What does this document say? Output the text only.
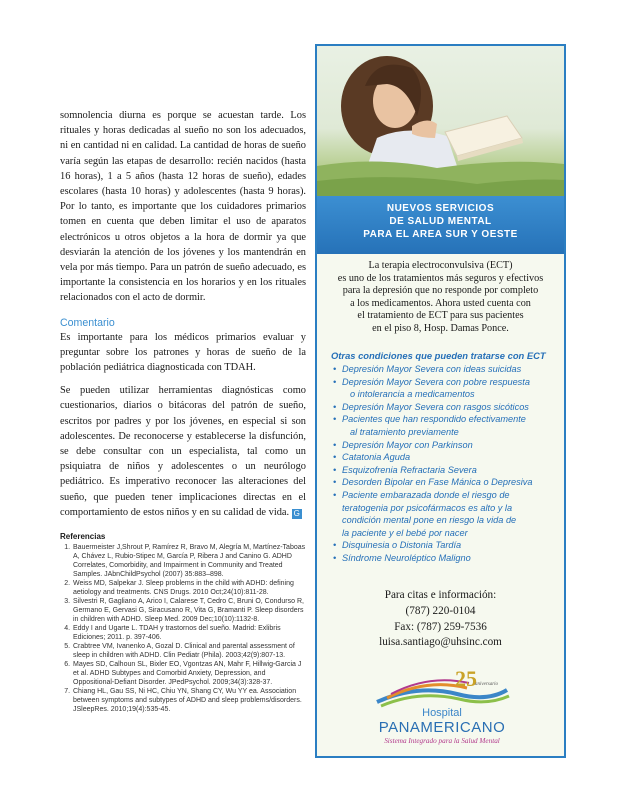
somnolencia diurna es porque se acuestan tarde. Los rituales y horas dedicadas al sueño no son los adecuados, ni en cantidad ni en calidad. La cantidad de horas de sueño varía según las etapas de desarrollo: recién nacidos (hasta 16 horas), 1 a 5 años (hasta 12 horas de sueño), edades escolares (hasta 10 horas) y adolescentes (hasta 9 horas). Por lo tanto, es importante que los cuidadores primarios tomen en cuenta que deben limitar el uso de aparatos electrónicos u otros objetos a la hora de dormir ya que desviarán la atención de los jóvenes y los mantendrán en vela por más tiempo. Para un patrón de sueño adecuado, es importante la consistencia en los horarios y en los rituales relacionados con el acto de dormir.

Comentario

Es importante para los médicos primarios evaluar y preguntar sobre los patrones y horas de sueño de la población pediátrica diagnosticada con TDAH.

Se pueden utilizar herramientas diagnósticas como cuestionarios, diarios o bitácoras del patrón de sueño, escritos por padres y por los jóvenes, en especial si son adolescentes. De reconocerse y establecerse la disfunción, se debe consultar con un especialista, tal como un psiquiatra de niños y adolescentes o un neurólogo pediátrico. Es imperativo reconocer las alteraciones del sueño, que pueden tener implicaciones directas en el comportamiento de estos niños y en su calidad de vida. G

Referencias
1. Bauermeister J,Shrout P, Ramírez R, Bravo M, Alegría M, Martínez-Taboas A, Chávez L, Rubio-Stipec M, García P, Ribera J and Canino G. ADHD Correlates, Comorbidity, and Impairment in Community and Treated Samples. JAbnChildPsychol (2007) 35:883–898.
2. Weiss MD, Salpekar J. Sleep problems in the child with ADHD: defining aetiology and treatments. CNS Drugs. 2010 Oct;24(10):811-28.
3. Silvestri R, Gagliano A, Arico I, Calarese T, Cedro C, Bruni O, Condurso R, Germano E, Gervasi G, Siracusano R, Vita G, Bramanti P. Sleep disorders in children with ADHD. Sleep Med. 2009 Dec;10(10):1132-8.
4. Eddy I and Ugarte L. TDAH y trastornos del sueño. Madrid: Exlibris Ediciones; 2011. p. 397-406.
5. Crabtree VM, Ivanenko A, Gozal D. Clinical and parental assessment of sleep in children with ADHD. Clin Pediatr (Phila). 2003;42(9):807-13.
6. Mayes SD, Calhoun SL, Bixler EO, Vgontzas AN, Mahr F, Hillwig-Garcia J et al. ADHD Subtypes and Comorbid Anxiety, Depression, and Oppositional-Defiant Disorder. JPedPsychol. 2009;34(3):328-37.
7. Chiang HL, Gau SS, Ni HC, Chiu YN, Shang CY, Wu YY ea. Association between symptoms and subtypes of ADHD and sleep problems/disorders. JSleepRes. 2010;19(4):535-45.
NUEVOS SERVICIOS
DE SALUD MENTAL
PARA EL AREA SUR Y OESTE
La terapia electroconvulsiva (ECT)
es uno de los tratamientos más seguros y efectivos
para la depresión que no responde por completo
a los medicamentos. Ahora usted cuenta con
el tratamiento de ECT para sus pacientes
en el piso 8, Hosp. Damas Ponce.
Otras condiciones que pueden tratarse con ECT
• Depresión Mayor Severa con ideas suicidas
• Depresión Mayor Severa con pobre respuesta
o intolerancia a medicamentos
• Depresión Mayor Severa con rasgos sicóticos
• Pacientes que han respondido efectivamente
al tratamiento previamente
• Depresión Mayor con Parkinson
• Catatonia Aguda
• Esquizofrenia Refractaria Severa
• Desorden Bipolar en Fase Mánica o Depresiva
• Paciente embarazada donde el riesgo de
teratogenia por psicofármacos es alto y la
condición mental pone en riesgo la vida de
la paciente y el bebé por nacer
• Disquinesia o Distonia Tardía
• Síndrome Neuroléptico Maligno
Para citas e información:
(787) 220-0104
Fax: (787) 259-7536
luisa.santiago@uhsinc.com
25
aniversario
Hospital
PANAMERICANO
Sistema Integrado para la Salud Mental
